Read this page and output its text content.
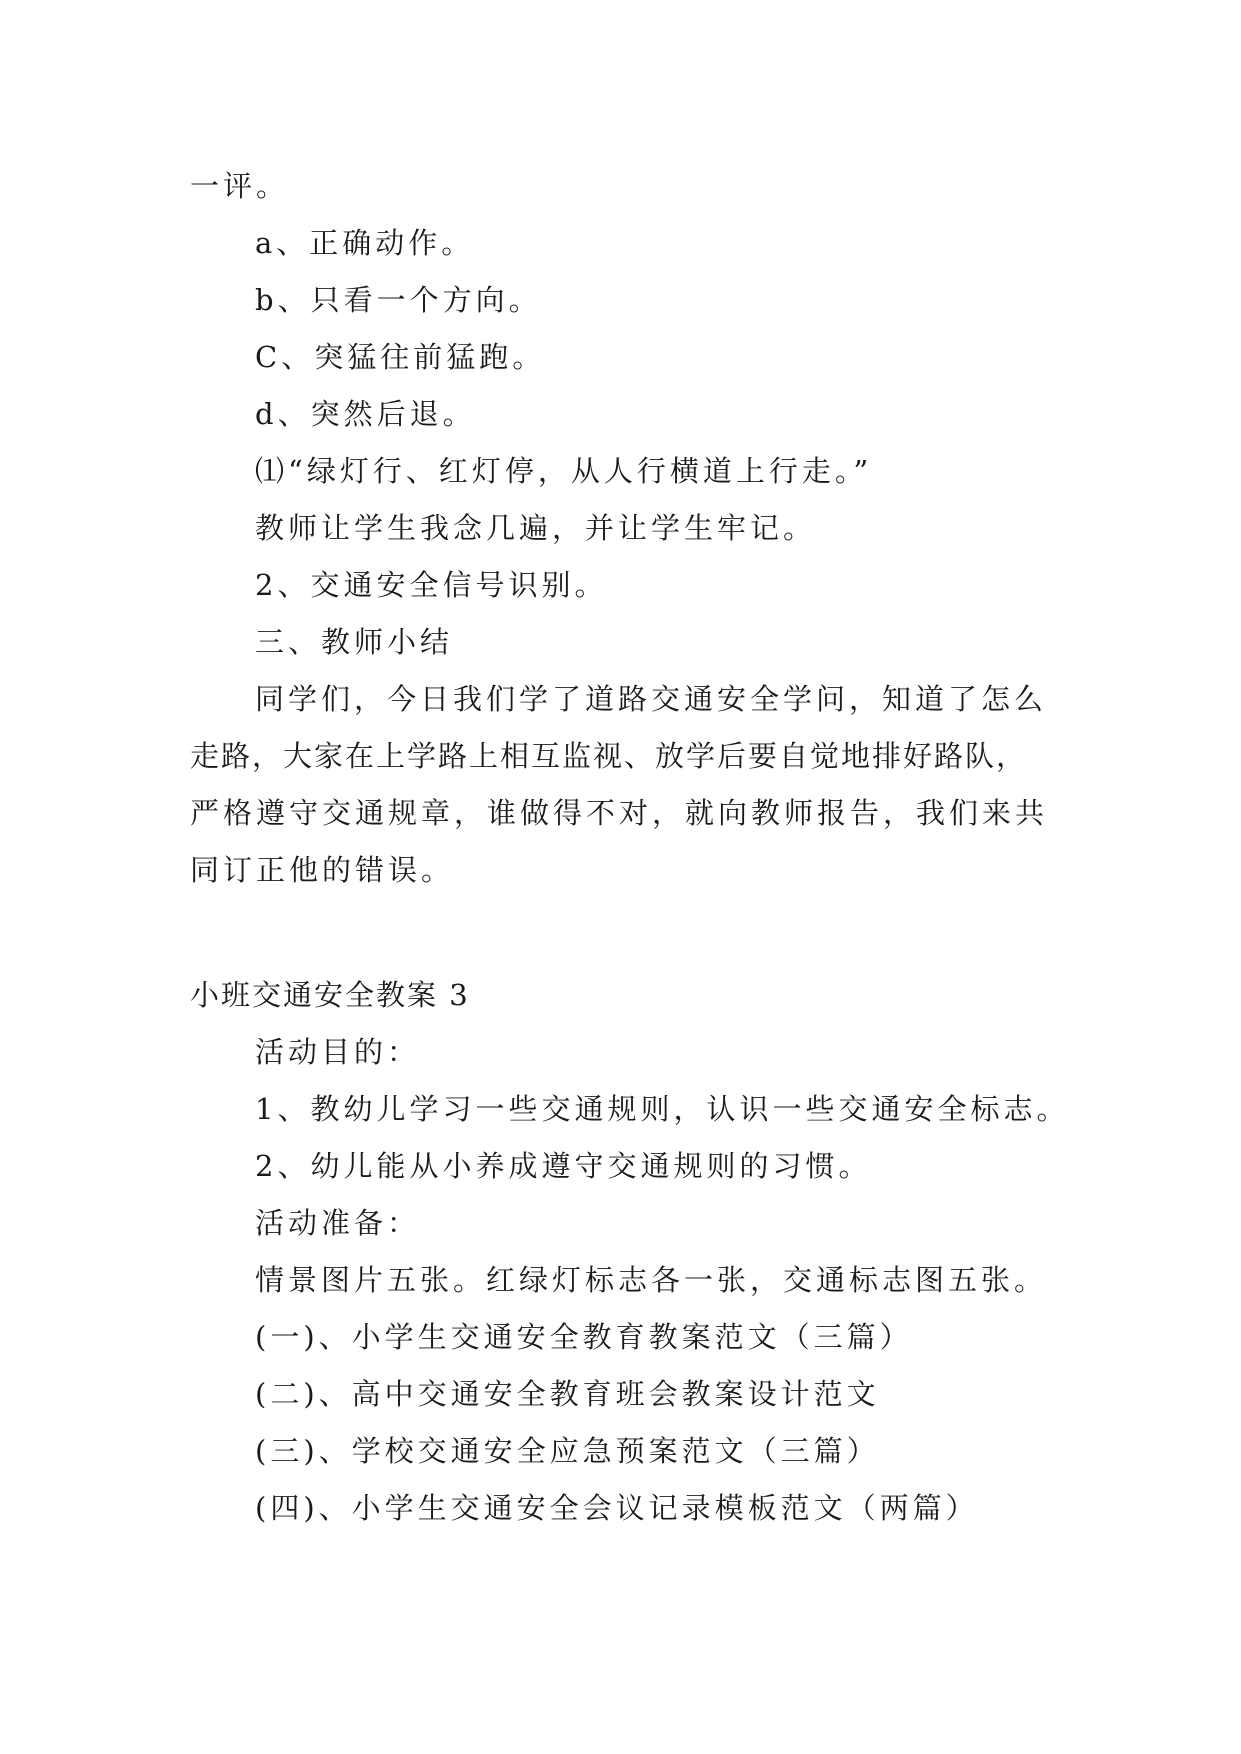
一评。
a、正确动作。
b、只看一个方向。
C、突猛往前猛跑。
d、突然后退。
⑴“绿灯行、红灯停，从人行横道上行走。”
教师让学生我念几遍，并让学生牢记。
2、交通安全信号识别。
三、教师小结
同学们，今日我们学了道路交通安全学问，知道了怎么
走路，大家在上学路上相互监视、放学后要自觉地排好路队，
严格遵守交通规章，谁做得不对，就向教师报告，我们来共
同订正他的错误。
小班交通安全教案 3
活动目的：
1、教幼儿学习一些交通规则，认识一些交通安全标志。
2、幼儿能从小养成遵守交通规则的习惯。
活动准备：
情景图片五张。红绿灯标志各一张，交通标志图五张。
(一)、小学生交通安全教育教案范文（三篇）
(二)、高中交通安全教育班会教案设计范文
(三)、学校交通安全应急预案范文（三篇）
(四)、小学生交通安全会议记录模板范文（两篇）
